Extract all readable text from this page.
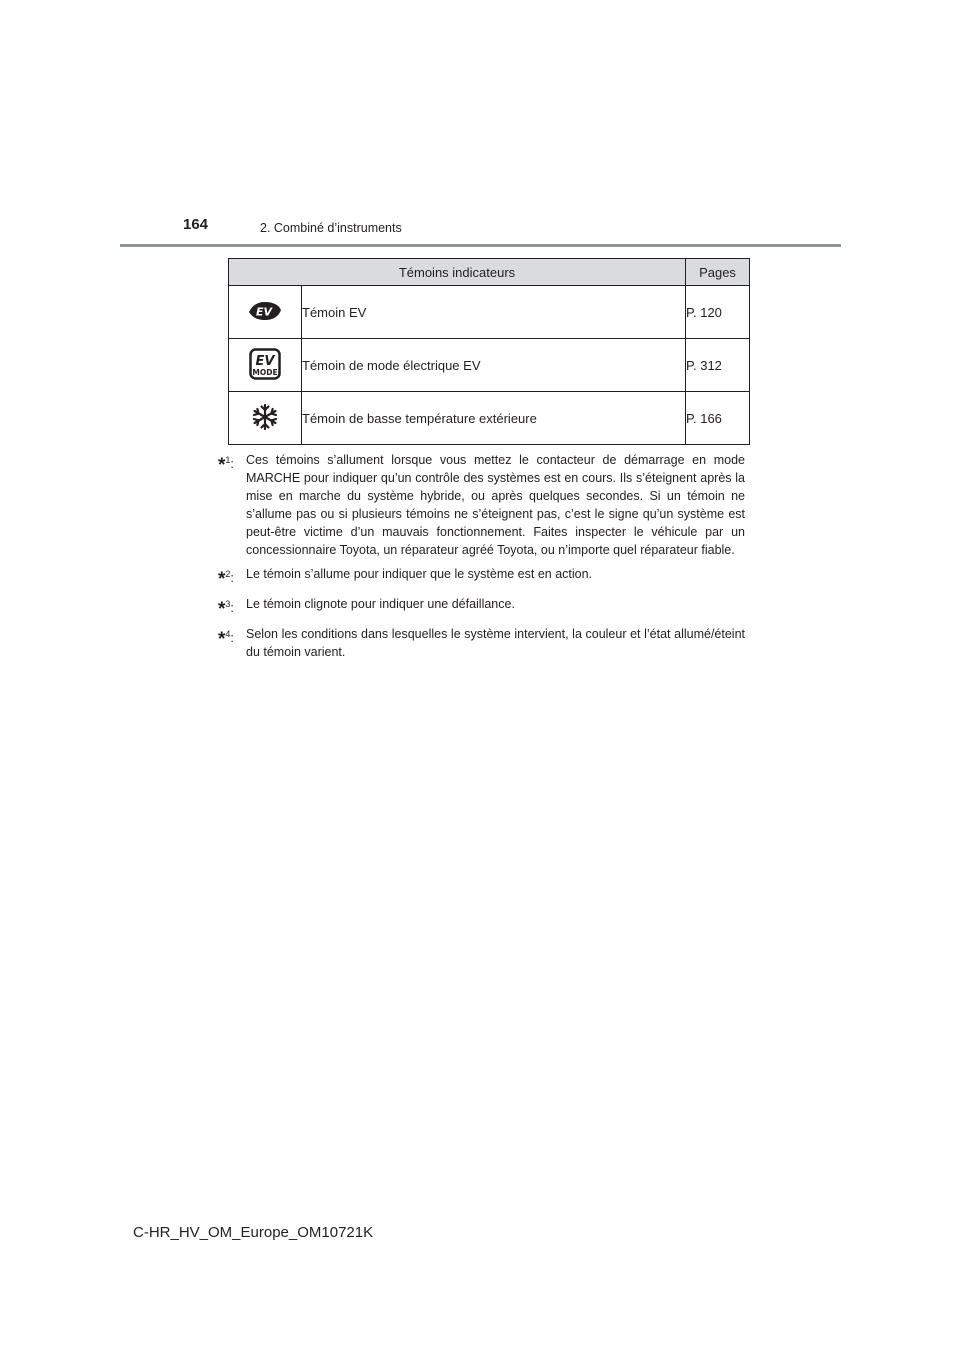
164	2. Combiné d’instruments
Témoins indicateurs		Pages

EV	Témoin EV	P. 120

EV
MODE	Témoin de mode électrique EV	P. 312
	Témoin de basse température extérieure	P. 166
*$^1$: Ces témoins s’allument lorsque vous mettez le contacteur de démarrage en mode MARCHE pour indiquer qu’un contrôle des systèmes est en cours. Ils s’éteignent après la mise en marche du système hybride, ou après quelques secondes. Si un témoin ne s’allume pas ou si plusieurs témoins ne s’éteignent pas, c’est le signe qu’un système est peut-être victime d’un mauvais fonctionnement. Faites inspecter le véhicule par un concessionnaire Toyota, un réparateur agréé Toyota, ou n’importe quel réparateur fiable.
*$^2$: Le témoin s’allume pour indiquer que le système est en action.
*$^3$: Le témoin clignote pour indiquer une défaillance.
*$^4$: Selon les conditions dans lesquelles le système intervient, la couleur et l’état allumé/éteint du témoin varient.
C-HR_HV_OM_Europe_OM10721K
